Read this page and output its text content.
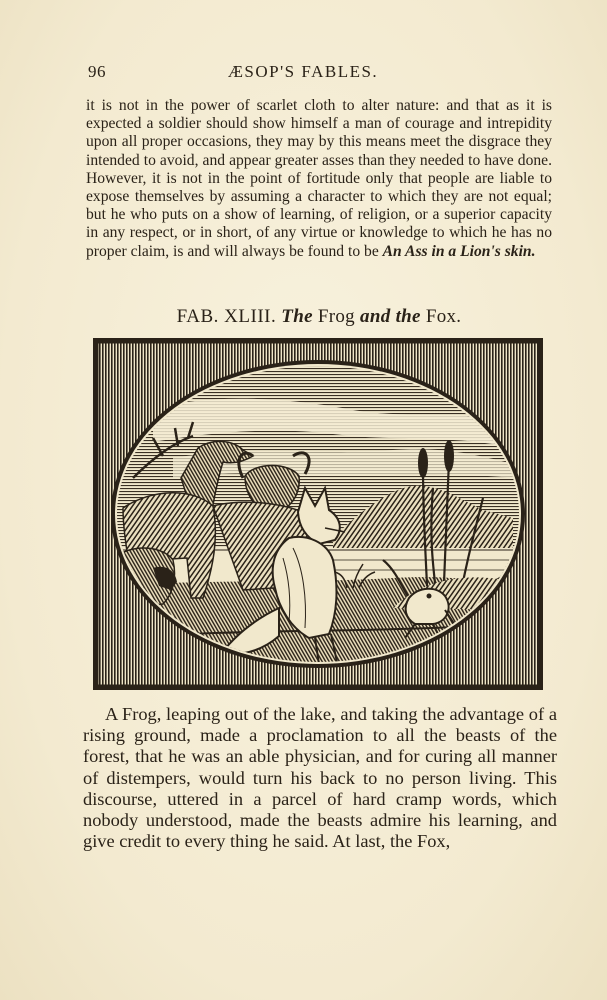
96	ÆSOP'S FABLES.
it is not in the power of scarlet cloth to alter nature: and that as it is expected a soldier should show himself a man of courage and intrepidity upon all proper occasions, they may by this means meet the disgrace they intended to avoid, and appear greater asses than they needed to have done. However, it is not in the point of fortitude only that people are liable to expose themselves by assuming a character to which they are not equal; but he who puts on a show of learning, of religion, or a superior capacity in any respect, or in short, of any virtue or knowledge to which he has no proper claim, is and will always be found to be An Ass in a Lion's skin.
FAB. XLIII. The Frog and the Fox.
A Frog, leaping out of the lake, and taking the advantage of a rising ground, made a proclamation to all the beasts of the forest, that he was an able physician, and for curing all manner of distempers, would turn his back to no person living. This discourse, uttered in a parcel of hard cramp words, which nobody understood, made the beasts admire his learning, and give credit to every thing he said. At last, the Fox,
